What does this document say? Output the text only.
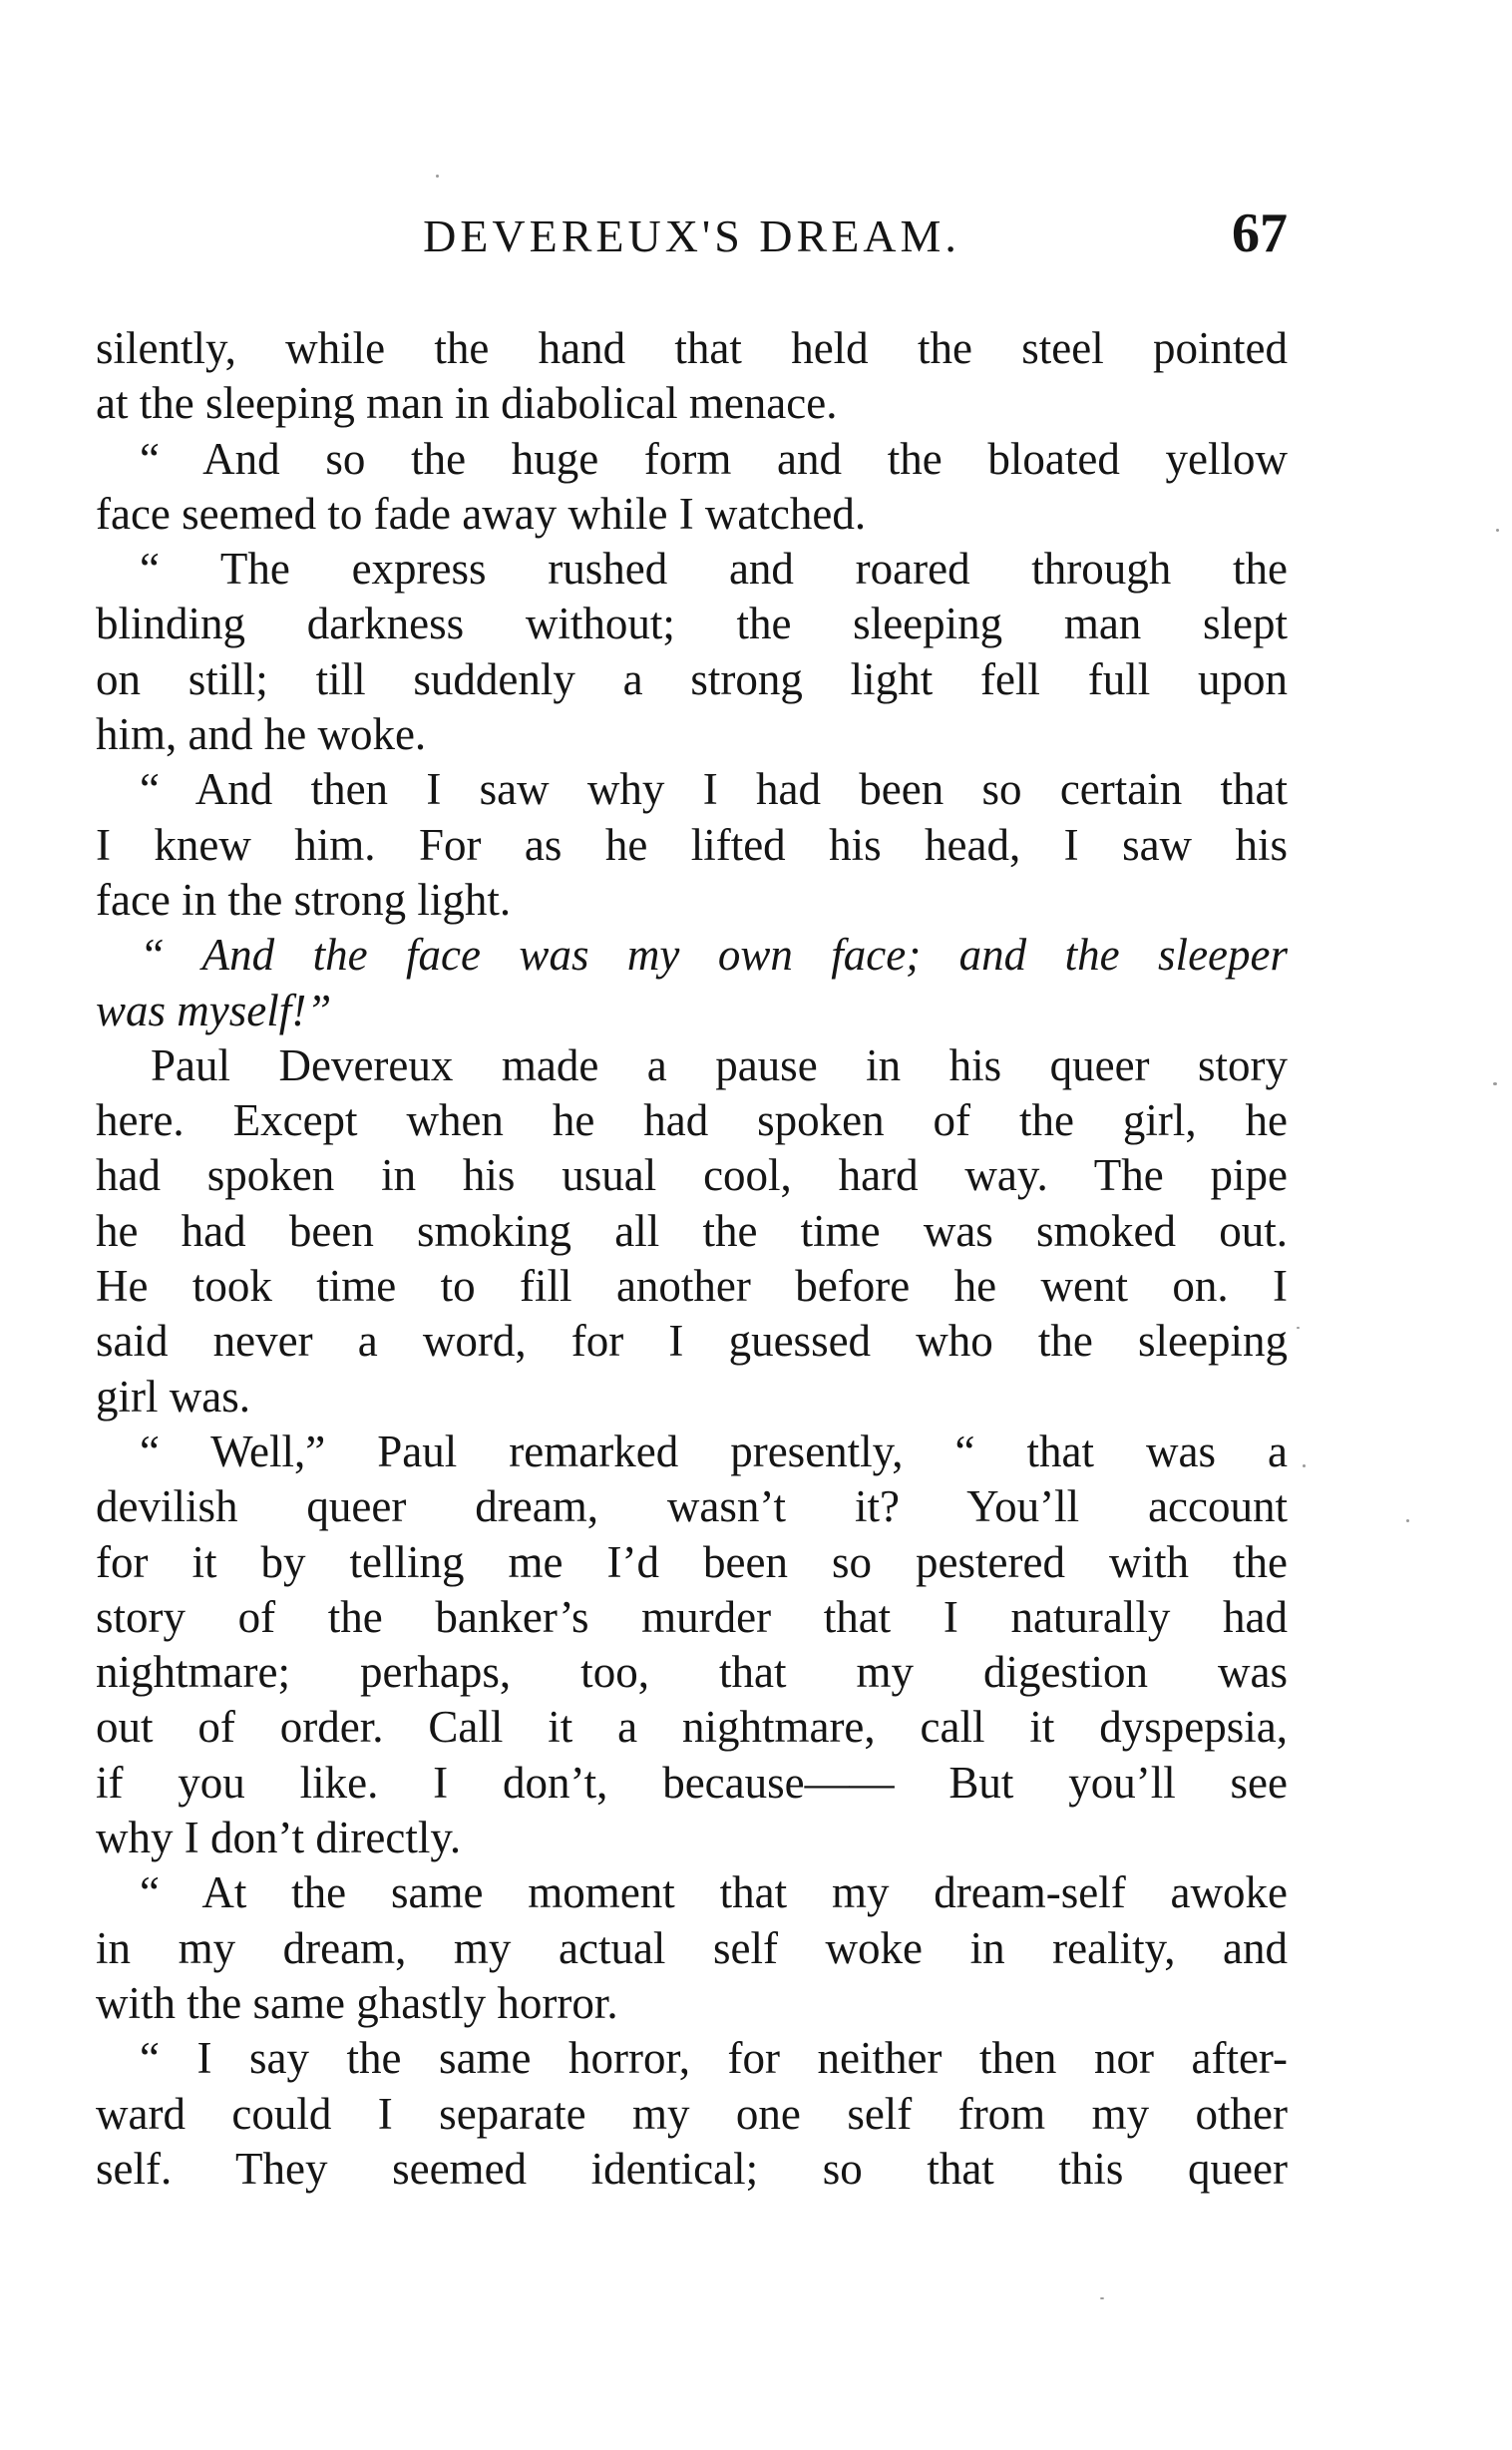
DEVEREUX'S DREAM.	67
silently, while the hand that held the steel pointed
at the sleeping man in diabolical menace.
“ And so the huge form and the bloated yellow
face seemed to fade away while I watched.
“ The express rushed and roared through the
blinding darkness without; the sleeping man slept
on still; till suddenly a strong light fell full upon
him, and he woke.
“ And then I saw why I had been so certain that
I knew him. For as he lifted his head, I saw his
face in the strong light.
“ And the face was my own face; and the sleeper
was myself!”
Paul Devereux made a pause in his queer story
here. Except when he had spoken of the girl, he
had spoken in his usual cool, hard way. The pipe
he had been smoking all the time was smoked out.
He took time to fill another before he went on. I
said never a word, for I guessed who the sleeping
girl was.
“ Well,” Paul remarked presently, “ that was a
devilish queer dream, wasn’t it? You’ll account
for it by telling me I’d been so pestered with the
story of the banker’s murder that I naturally had
nightmare; perhaps, too, that my digestion was
out of order. Call it a nightmare, call it dyspepsia,
if you like. I don’t, because—— But you’ll see
why I don’t directly.
“ At the same moment that my dream-self awoke
in my dream, my actual self woke in reality, and
with the same ghastly horror.
“ I say the same horror, for neither then nor after-
ward could I separate my one self from my other
self. They seemed identical; so that this queer
